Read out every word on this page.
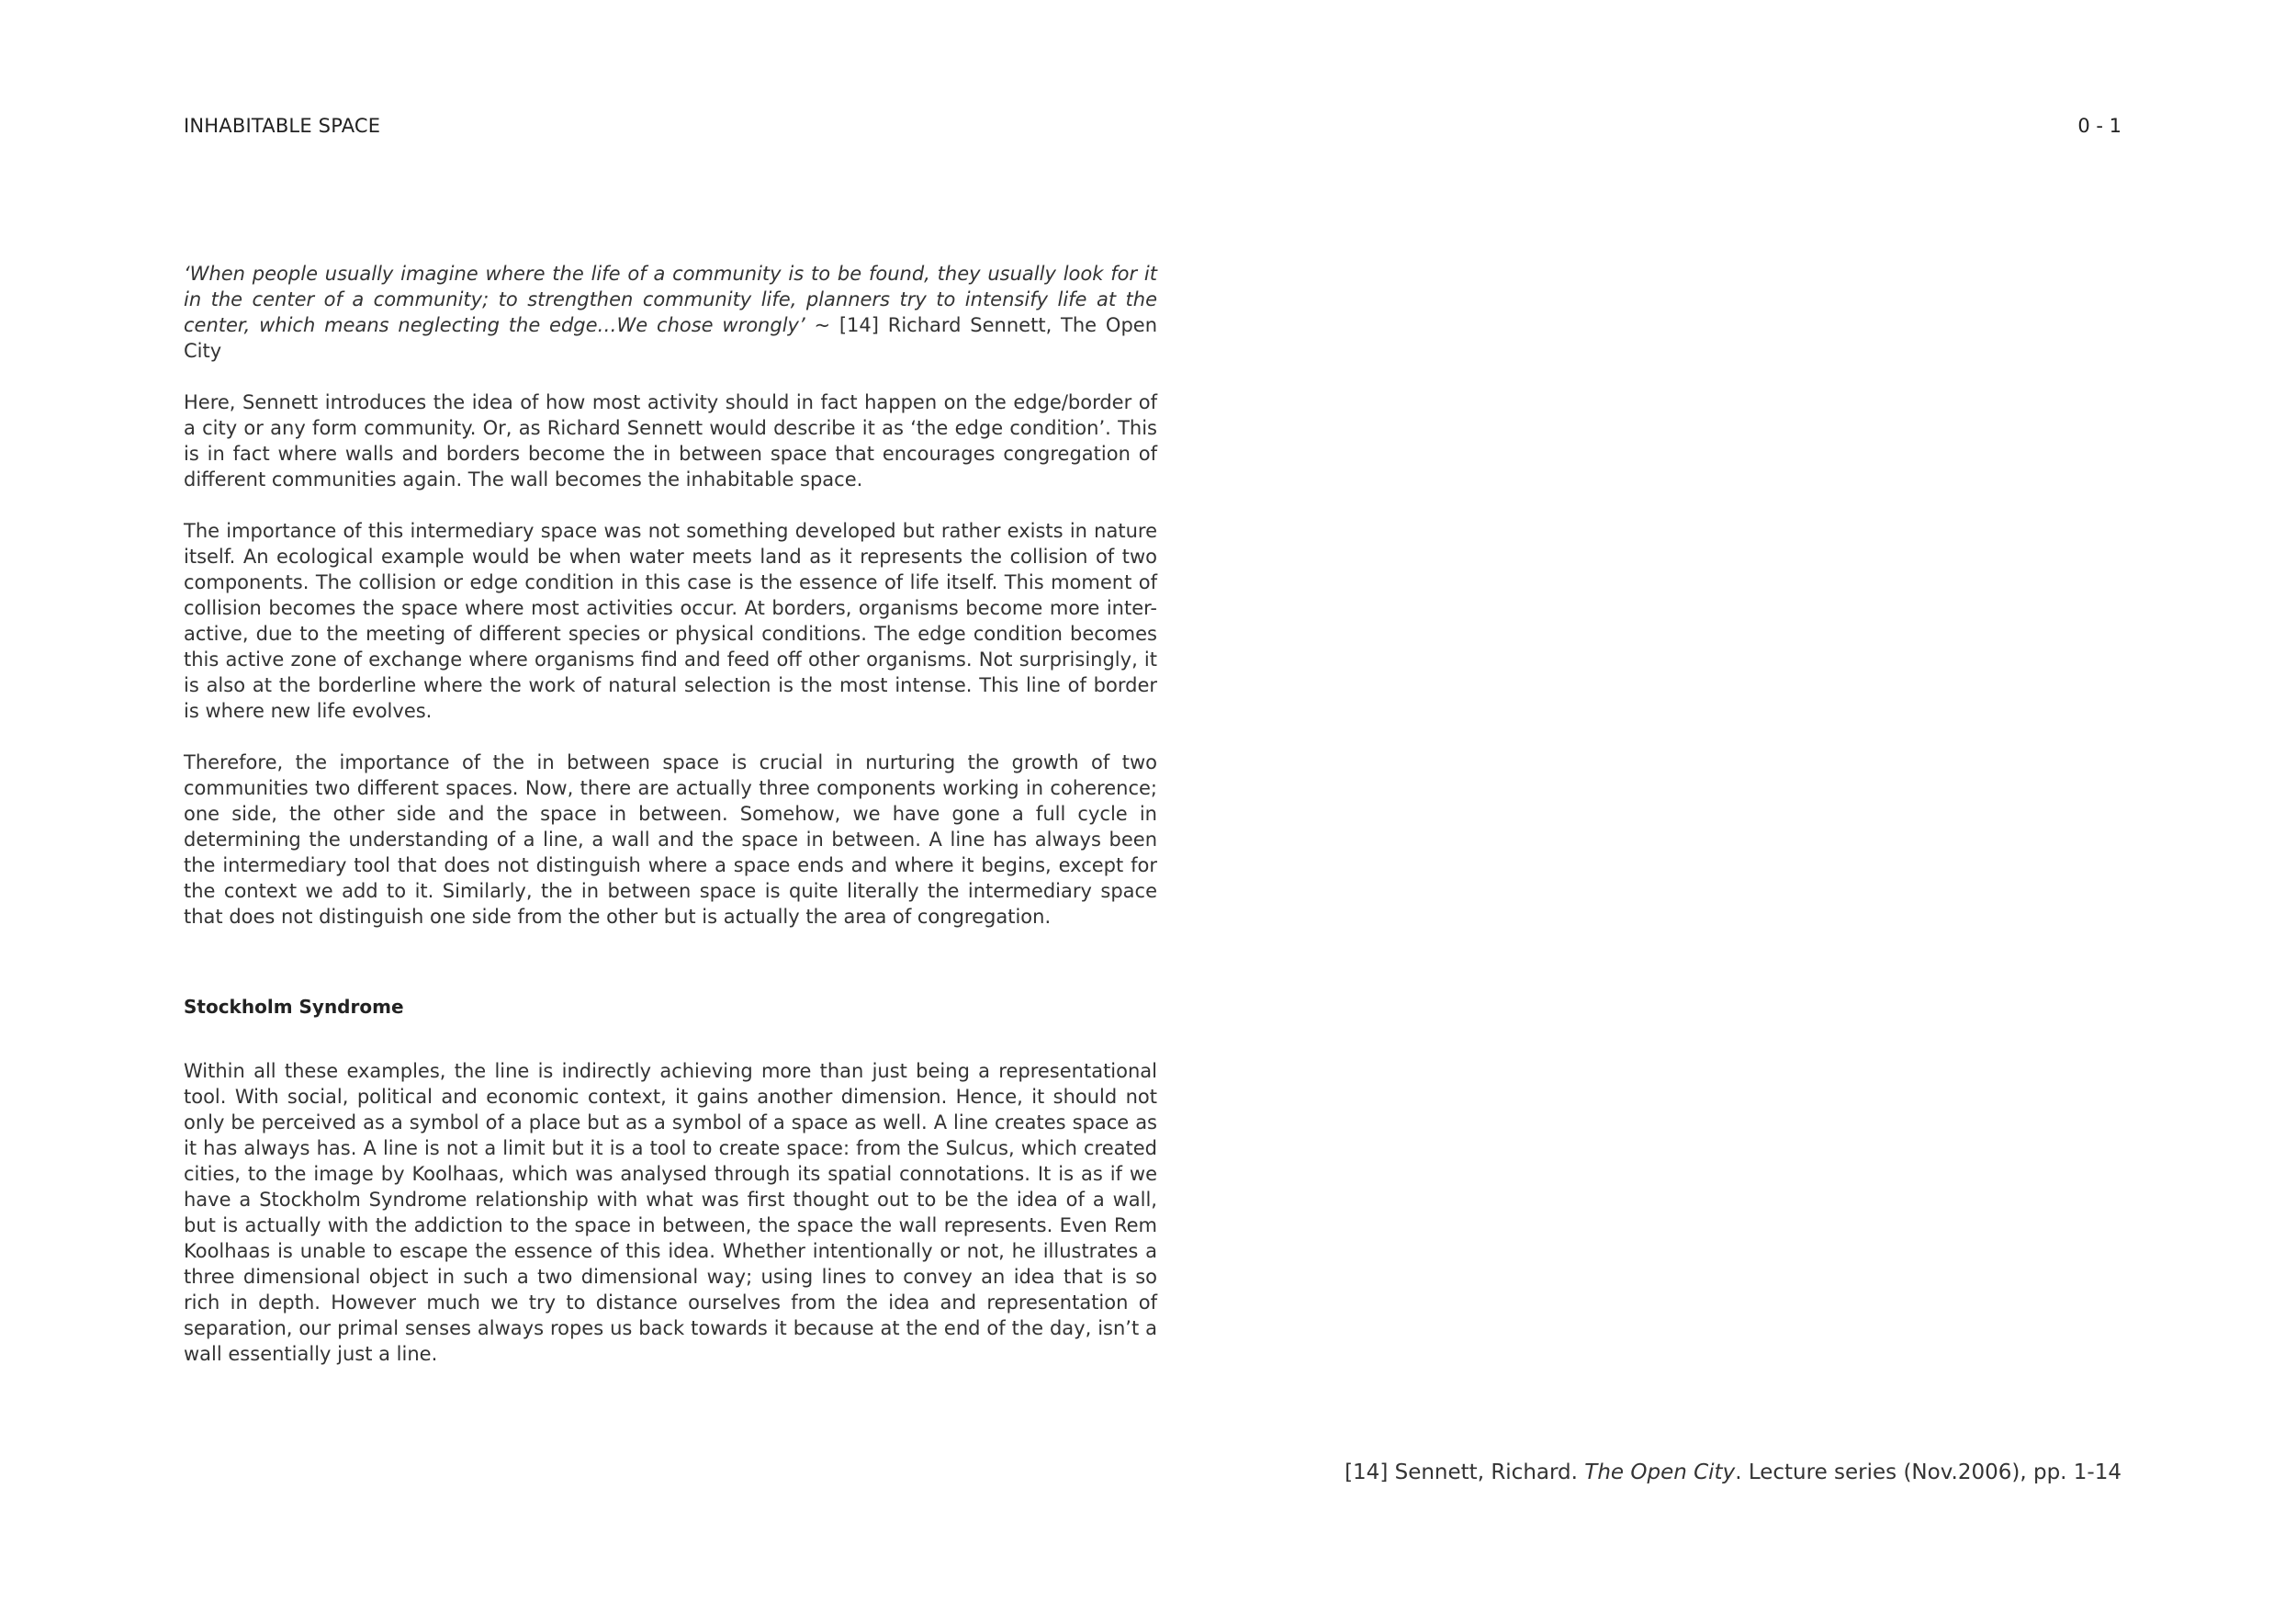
INHABITABLE SPACE	0 - 1

‘When people usually imagine where the life of a community is to be found, they usually look for it in the center of a community; to strengthen community life, planners try to intensify life at the center, which means neglecting the edge…We chose wrongly’ ~ [14] Richard Sennett, The Open City

Here, Sennett introduces the idea of how most activity should in fact happen on the edge/border of a city or any form community. Or, as Richard Sennett would describe it as ‘the edge condition’. This is in fact where walls and borders become the in between space that encourages congregation of different communities again. The wall becomes the inhabitable space.

The importance of this intermediary space was not something developed but rather exists in nature itself. An ecological example would be when water meets land as it represents the collision of two components. The collision or edge condition in this case is the essence of life itself. This moment of collision becomes the space where most activities occur. At borders, organisms become more inter-active, due to the meeting of different species or physical conditions. The edge condition becomes this active zone of exchange where organisms find and feed off other organisms. Not surprisingly, it is also at the borderline where the work of natural selection is the most intense. This line of border is where new life evolves.

Therefore, the importance of the in between space is crucial in nurturing the growth of two communities two different spaces. Now, there are actually three components working in coherence; one side, the other side and the space in between. Somehow, we have gone a full cycle in determining the understanding of a line, a wall and the space in between. A line has always been the intermediary tool that does not distinguish where a space ends and where it begins, except for the context we add to it. Similarly, the in between space is quite literally the intermediary space that does not distinguish one side from the other but is actually the area of congregation.

Stockholm Syndrome

Within all these examples, the line is indirectly achieving more than just being a representational tool. With social, political and economic context, it gains another dimension. Hence, it should not only be perceived as a symbol of a place but as a symbol of a space as well. A line creates space as it has always has. A line is not a limit but it is a tool to create space: from the Sulcus, which created cities, to the image by Koolhaas, which was analysed through its spatial connotations. It is as if we have a Stockholm Syndrome relationship with what was first thought out to be the idea of a wall, but is actually with the addiction to the space in between, the space the wall represents. Even Rem Koolhaas is unable to escape the essence of this idea. Whether intentionally or not, he illustrates a three dimensional object in such a two dimensional way; using lines to convey an idea that is so rich in depth. However much we try to distance ourselves from the idea and representation of separation, our primal senses always ropes us back towards it because at the end of the day, isn’t a wall essentially just a line.

[14] Sennett, Richard. The Open City. Lecture series (Nov.2006), pp. 1-14
